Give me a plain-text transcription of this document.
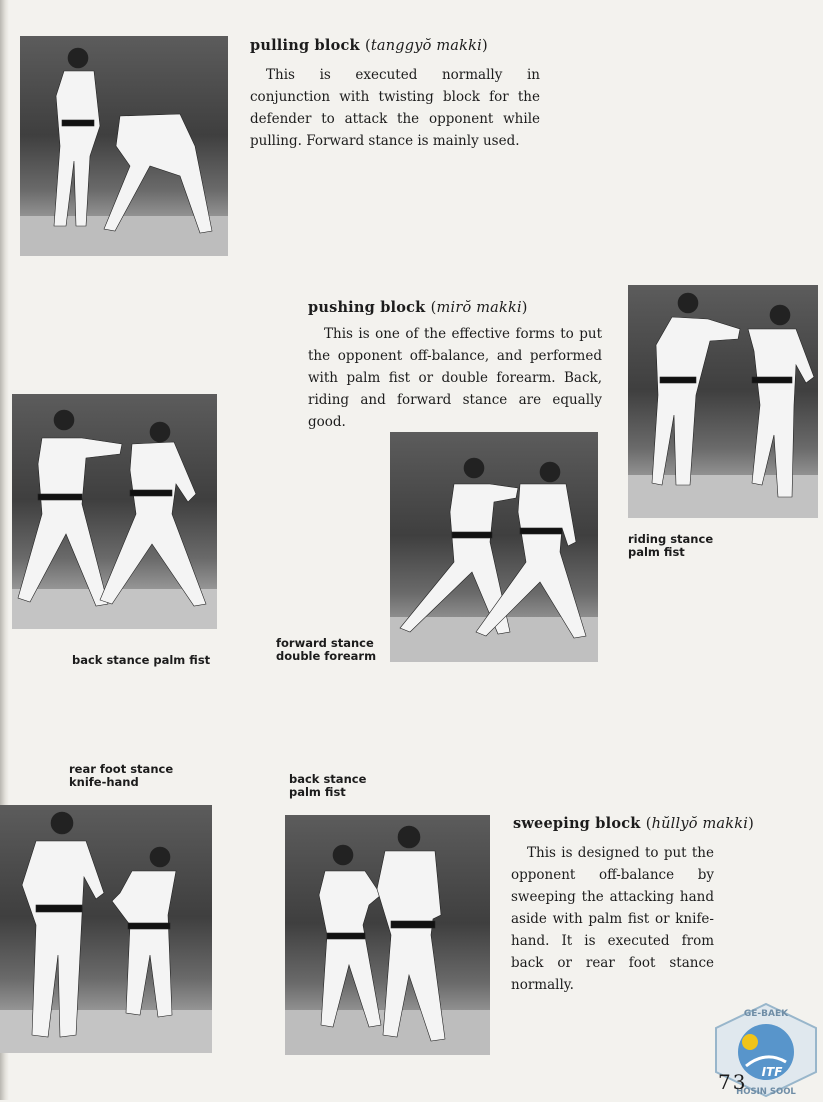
pulling block (tanggyŏ makki)
This is executed normally in conjunction with twisting block for the defender to attack the opponent while pulling. Forward stance is mainly used.
pushing block (mirŏ makki)
This is one of the effective forms to put the opponent off-balance, and performed with palm fist or double forearm. Back, riding and forward stance are equally good.
riding stance
palm fist
back stance palm fist
forward stance
double forearm
rear foot stance
knife-hand	back stance
palm fist
sweeping block (hŭllyŏ makki)
This is designed to put the opponent off-balance by sweeping the attacking hand aside with palm fist or knife-hand. It is executed from back or rear foot stance normally.
GE-BAEK
ITF
HOSIN SOOL
73
